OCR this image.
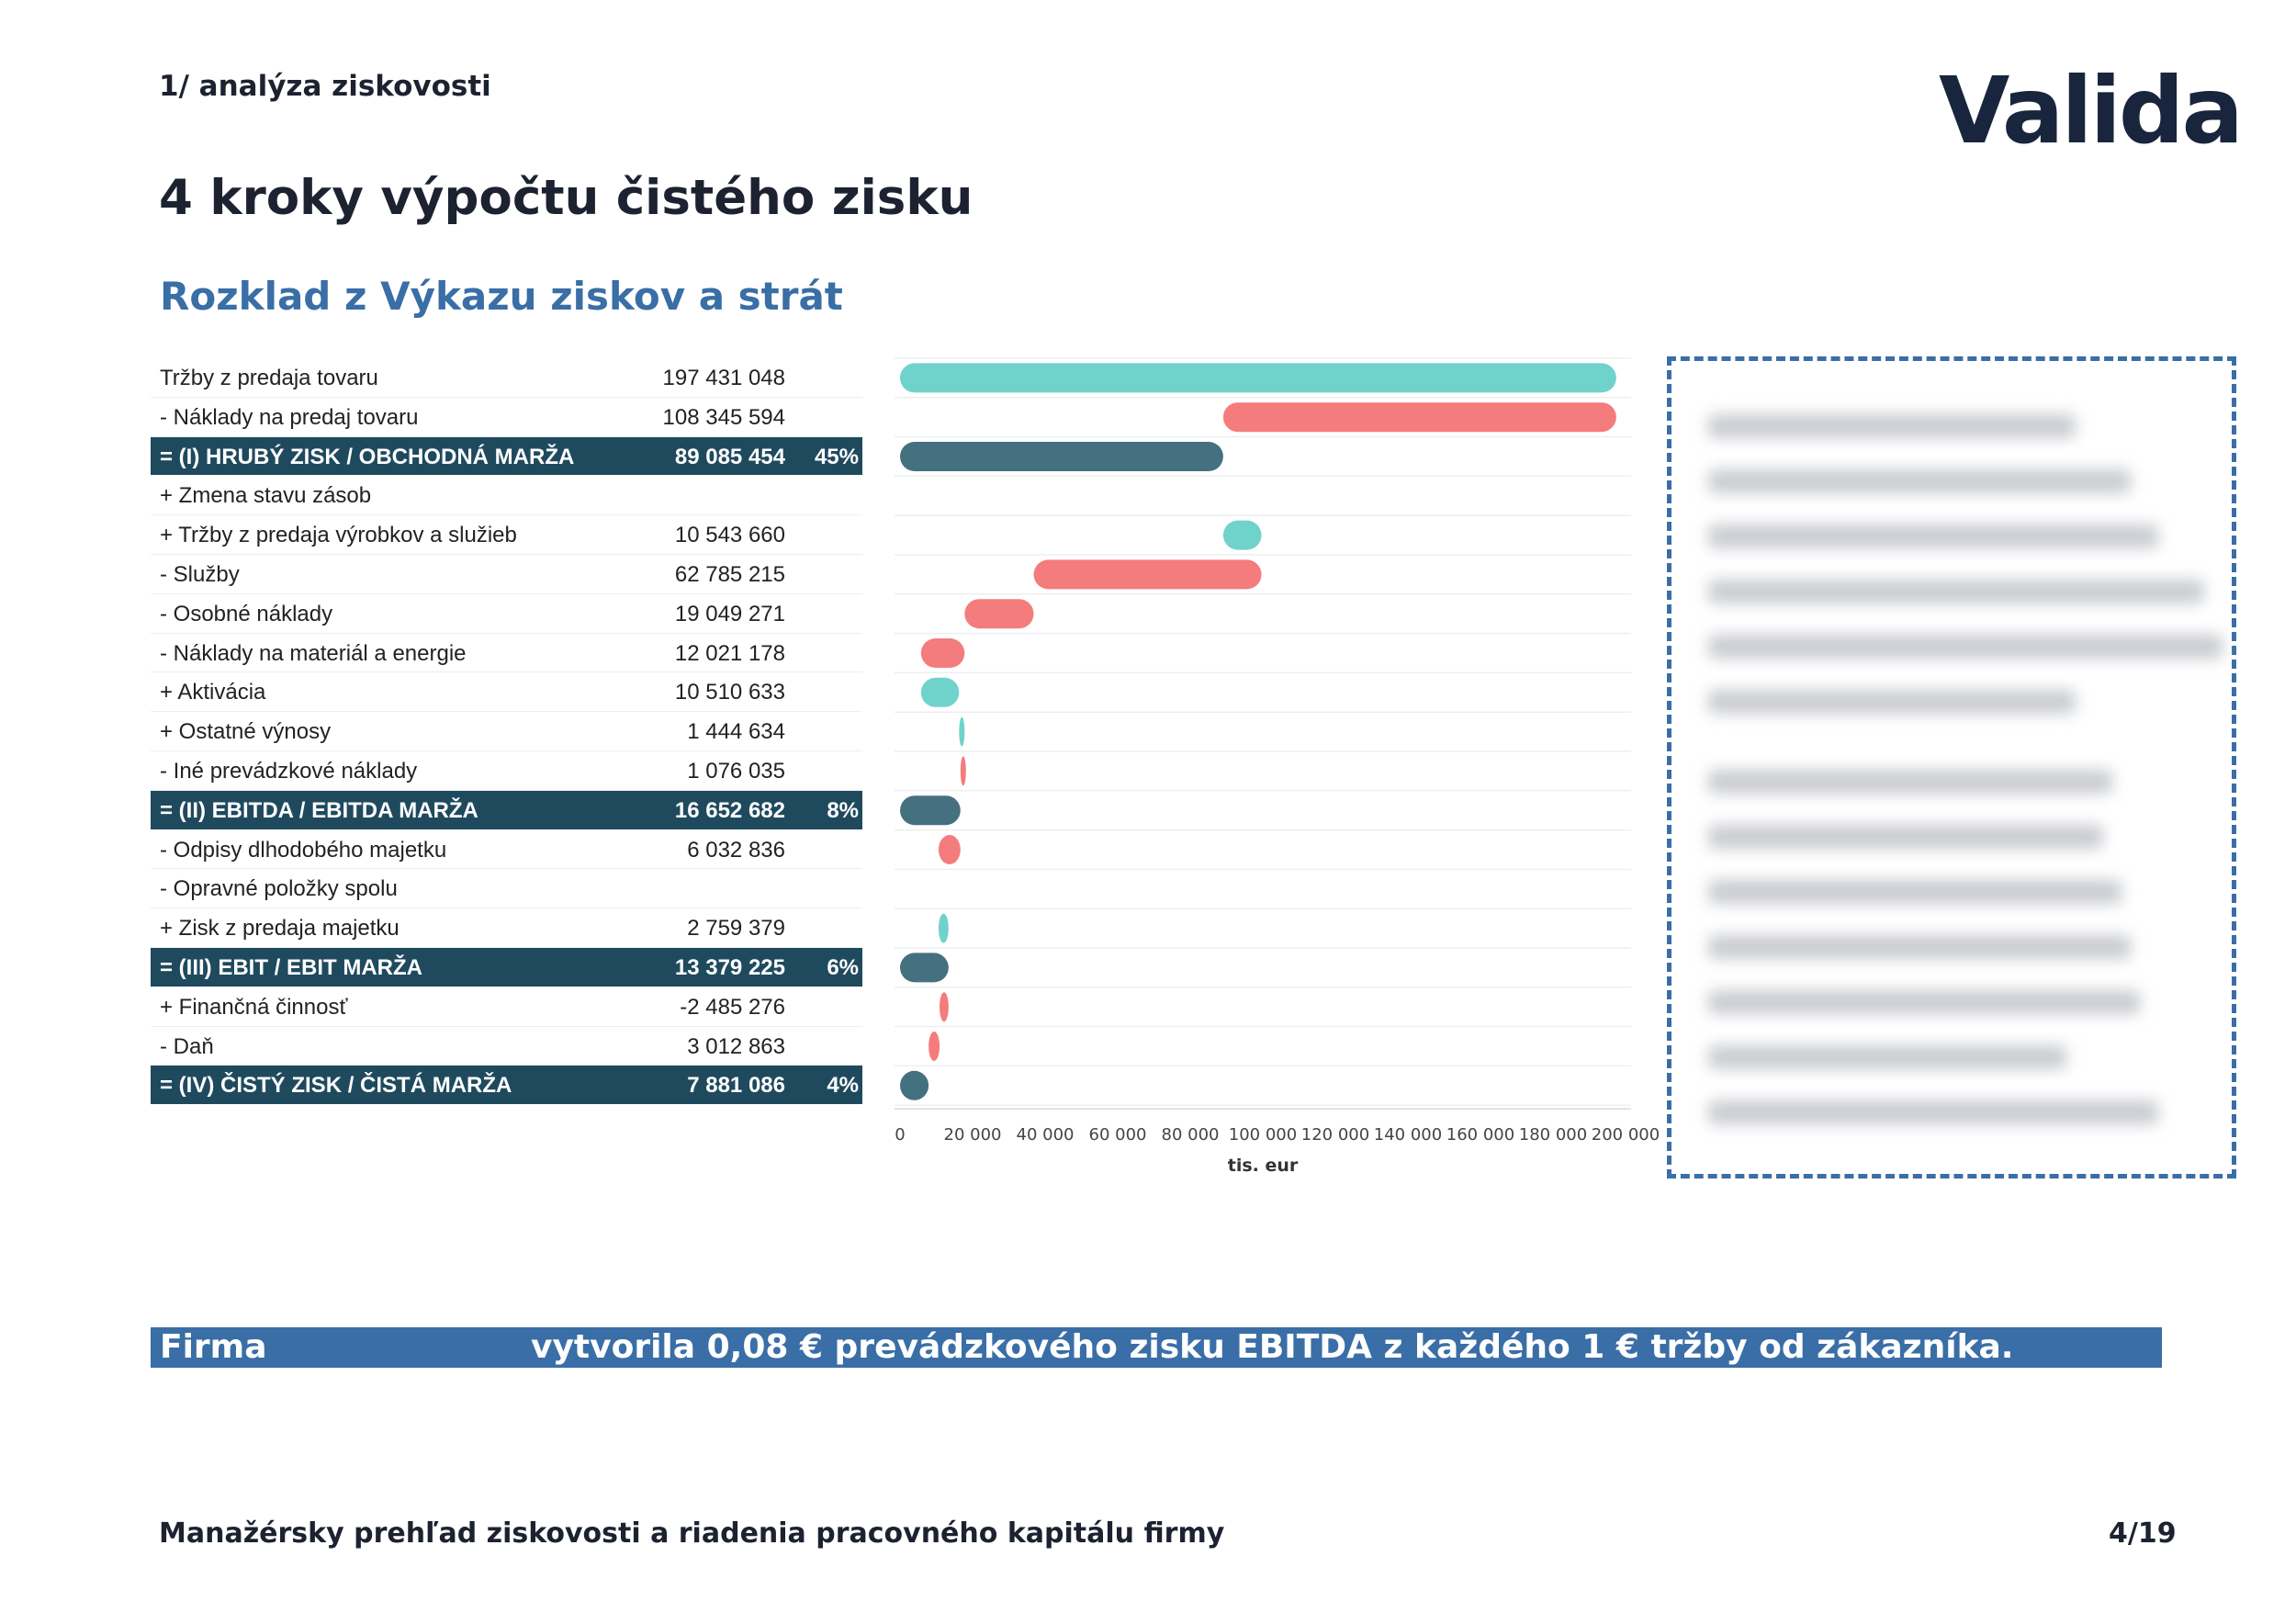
1/ analýza ziskovosti	Valida
4 kroky výpočtu čistého zisku
Rozklad z Výkazu ziskov a strát
Tržby z predaja tovaru	197 431 048
- Náklady na predaj tovaru	108 345 594
= (I) HRUBÝ ZISK / OBCHODNÁ MARŽA	89 085 454 45%
+ Zmena stavu zásob
+ Tržby z predaja výrobkov a služieb	10 543 660
- Služby	62 785 215
- Osobné náklady	19 049 271
- Náklady na materiál a energie	12 021 178
+ Aktivácia	10 510 633
+ Ostatné výnosy	1 444 634
- Iné prevádzkové náklady	1 076 035
= (II) EBITDA / EBITDA MARŽA	16 652 682 8%
- Odpisy dlhodobého majetku	6 032 836
- Opravné položky spolu
+ Zisk z predaja majetku	2 759 379
= (III) EBIT / EBIT MARŽA	13 379 225 6%
+ Finančná činnosť	-2 485 276
- Daň	3 012 863
= (IV) ČISTÝ ZISK / ČISTÁ MARŽA	7 881 086 4%
0 20 000 40 000 60 000 80 000 100 000 120 000 140 000 160 000 180 000 200 000
tis. eur
Firma	vytvorila 0,08 € prevádzkového zisku EBITDA z každého 1 € tržby od zákazníka.
Manažérsky prehľad ziskovosti a riadenia pracovného kapitálu firmy	4/19
